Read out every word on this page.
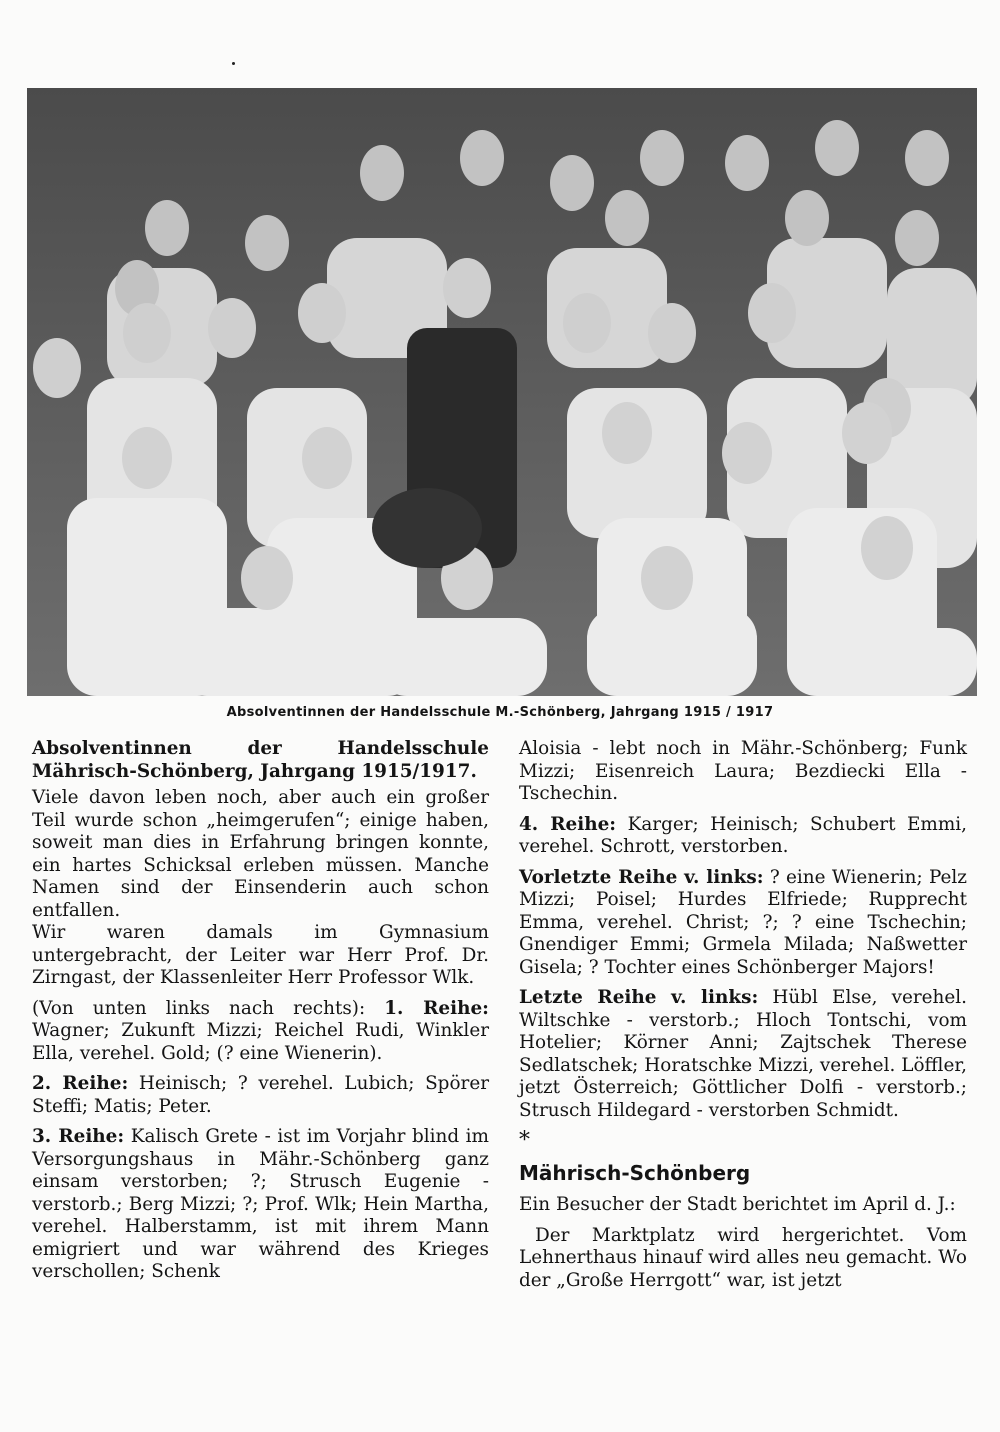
Absolventinnen der Handelsschule M.-Schönberg, Jahrgang 1915 / 1917

Absolventinnen der Handelsschule Mährisch-Schönberg, Jahrgang 1915/1917.

Viele davon leben noch, aber auch ein großer Teil wurde schon „heimgerufen“; einige haben, soweit man dies in Erfahrung bringen konnte, ein hartes Schicksal erleben müssen. Manche Namen sind der Einsenderin auch schon entfallen.
Wir waren damals im Gymnasium untergebracht, der Leiter war Herr Prof. Dr. Zirngast, der Klassenleiter Herr Professor Wlk.

(Von unten links nach rechts): 1. Reihe: Wagner; Zukunft Mizzi; Reichel Rudi, Winkler Ella, verehel. Gold; (? eine Wienerin).

2. Reihe: Heinisch; ? verehel. Lubich; Spörer Steffi; Matis; Peter.

3. Reihe: Kalisch Grete - ist im Vorjahr blind im Versorgungshaus in Mähr.-Schönberg ganz einsam verstorben; ?; Strusch Eugenie - verstorb.; Berg Mizzi; ?; Prof. Wlk; Hein Martha, verehel. Halberstamm, ist mit ihrem Mann emigriert und war während des Krieges verschollen; Schenk

Aloisia - lebt noch in Mähr.-Schönberg; Funk Mizzi; Eisenreich Laura; Bezdiecki Ella - Tschechin.

4. Reihe: Karger; Heinisch; Schubert Emmi, verehel. Schrott, verstorben.

Vorletzte Reihe v. links: ? eine Wienerin; Pelz Mizzi; Poisel; Hurdes Elfriede; Rupprecht Emma, verehel. Christ; ?; ? eine Tschechin; Gnendiger Emmi; Grmela Milada; Naßwetter Gisela; ? Tochter eines Schönberger Majors!

Letzte Reihe v. links: Hübl Else, verehel. Wiltschke - verstorb.; Hloch Tontschi, vom Hotelier; Körner Anni; Zajtschek Therese Sedlatschek; Horatschke Mizzi, verehel. Löffler, jetzt Österreich; Göttlicher Dolfi - verstorb.; Strusch Hildegard - verstorben Schmidt.

*

Mährisch-Schönberg

Ein Besucher der Stadt berichtet im April d. J.:

Der Marktplatz wird hergerichtet. Vom Lehnerthaus hinauf wird alles neu gemacht. Wo der „Große Herrgott“ war, ist jetzt
